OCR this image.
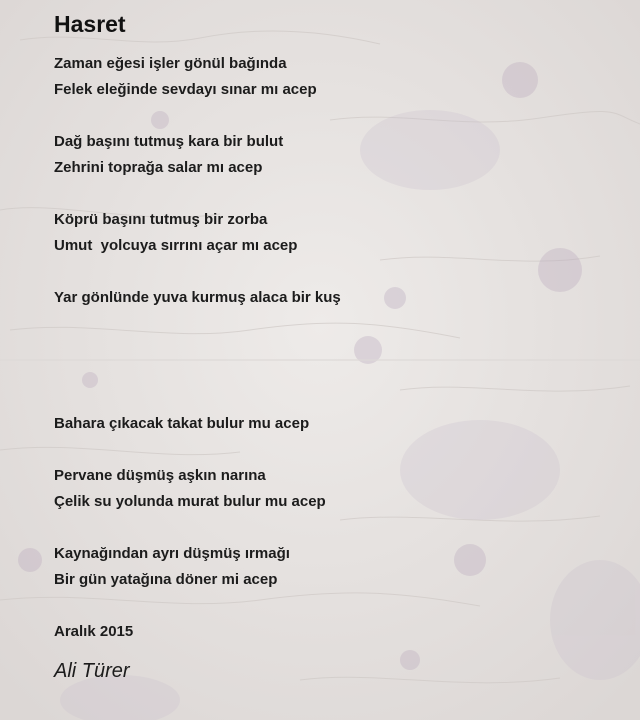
Hasret
Zaman eğesi işler gönül bağında
Felek eleğinde sevdayı sınar mı acep
Dağ başını tutmuş kara bir bulut
Zehrini toprağa salar mı acep
Köprü başını tutmuş bir zorba
Umut  yolcuya sırrını açar mı acep
Yar gönlünde yuva kurmuş alaca bir kuş
Bahara çıkacak takat bulur mu acep
Pervane düşmüş aşkın narına
Çelik su yolunda murat bulur mu acep
Kaynağından ayrı düşmüş ırmağı
Bir gün yatağına döner mi acep
Aralık 2015
Ali Türer
